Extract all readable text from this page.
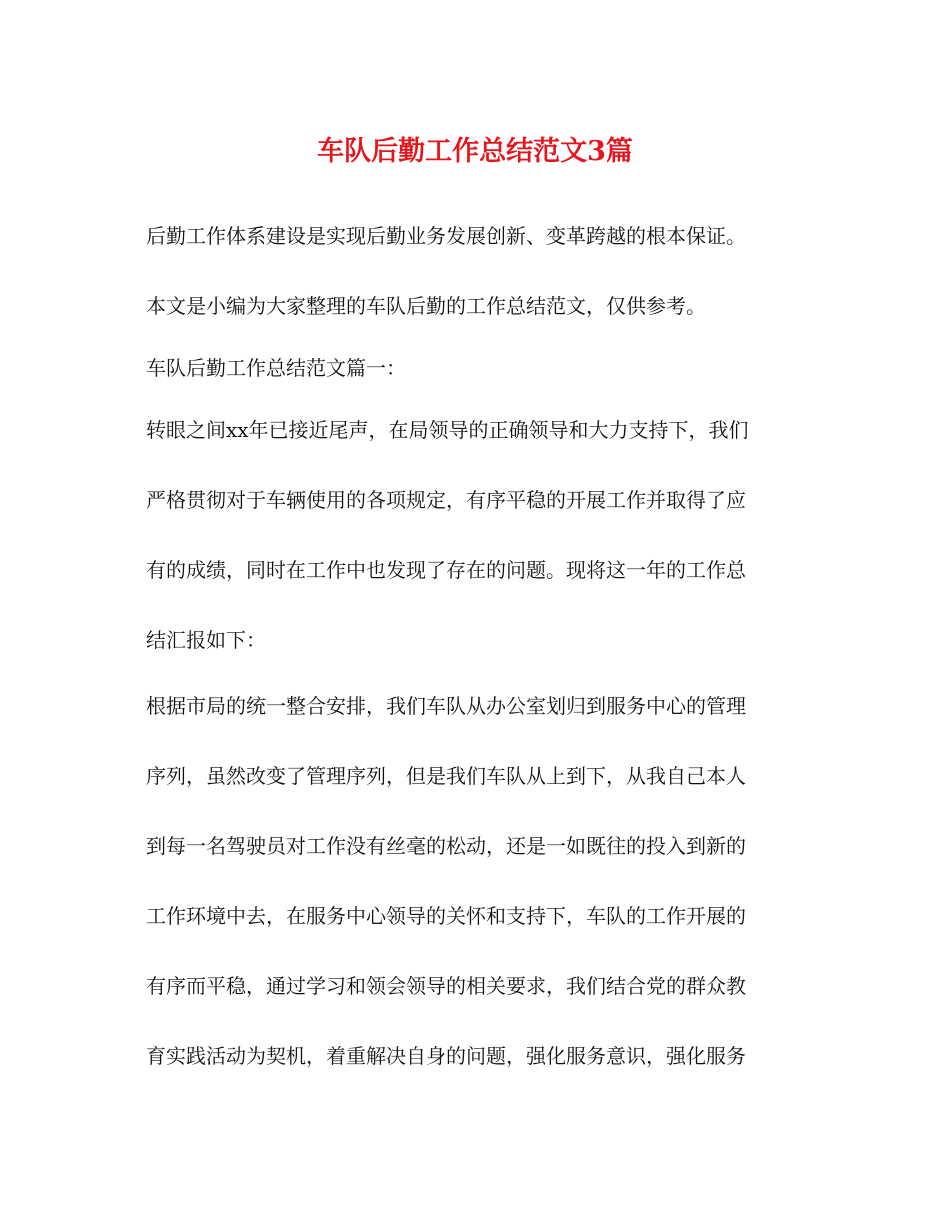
车队后勤工作总结范文3篇
后勤工作体系建设是实现后勤业务发展创新、变革跨越的根本保证。
本文是小编为大家整理的车队后勤的工作总结范文，仅供参考。
车队后勤工作总结范文篇一：
转眼之间xx年已接近尾声，在局领导的正确领导和大力支持下，我们
严格贯彻对于车辆使用的各项规定，有序平稳的开展工作并取得了应
有的成绩，同时在工作中也发现了存在的问题。现将这一年的工作总
结汇报如下：
根据市局的统一整合安排，我们车队从办公室划归到服务中心的管理
序列，虽然改变了管理序列，但是我们车队从上到下，从我自己本人
到每一名驾驶员对工作没有丝毫的松动，还是一如既往的投入到新的
工作环境中去，在服务中心领导的关怀和支持下，车队的工作开展的
有序而平稳，通过学习和领会领导的相关要求，我们结合党的群众教
育实践活动为契机，着重解决自身的问题，强化服务意识，强化服务
